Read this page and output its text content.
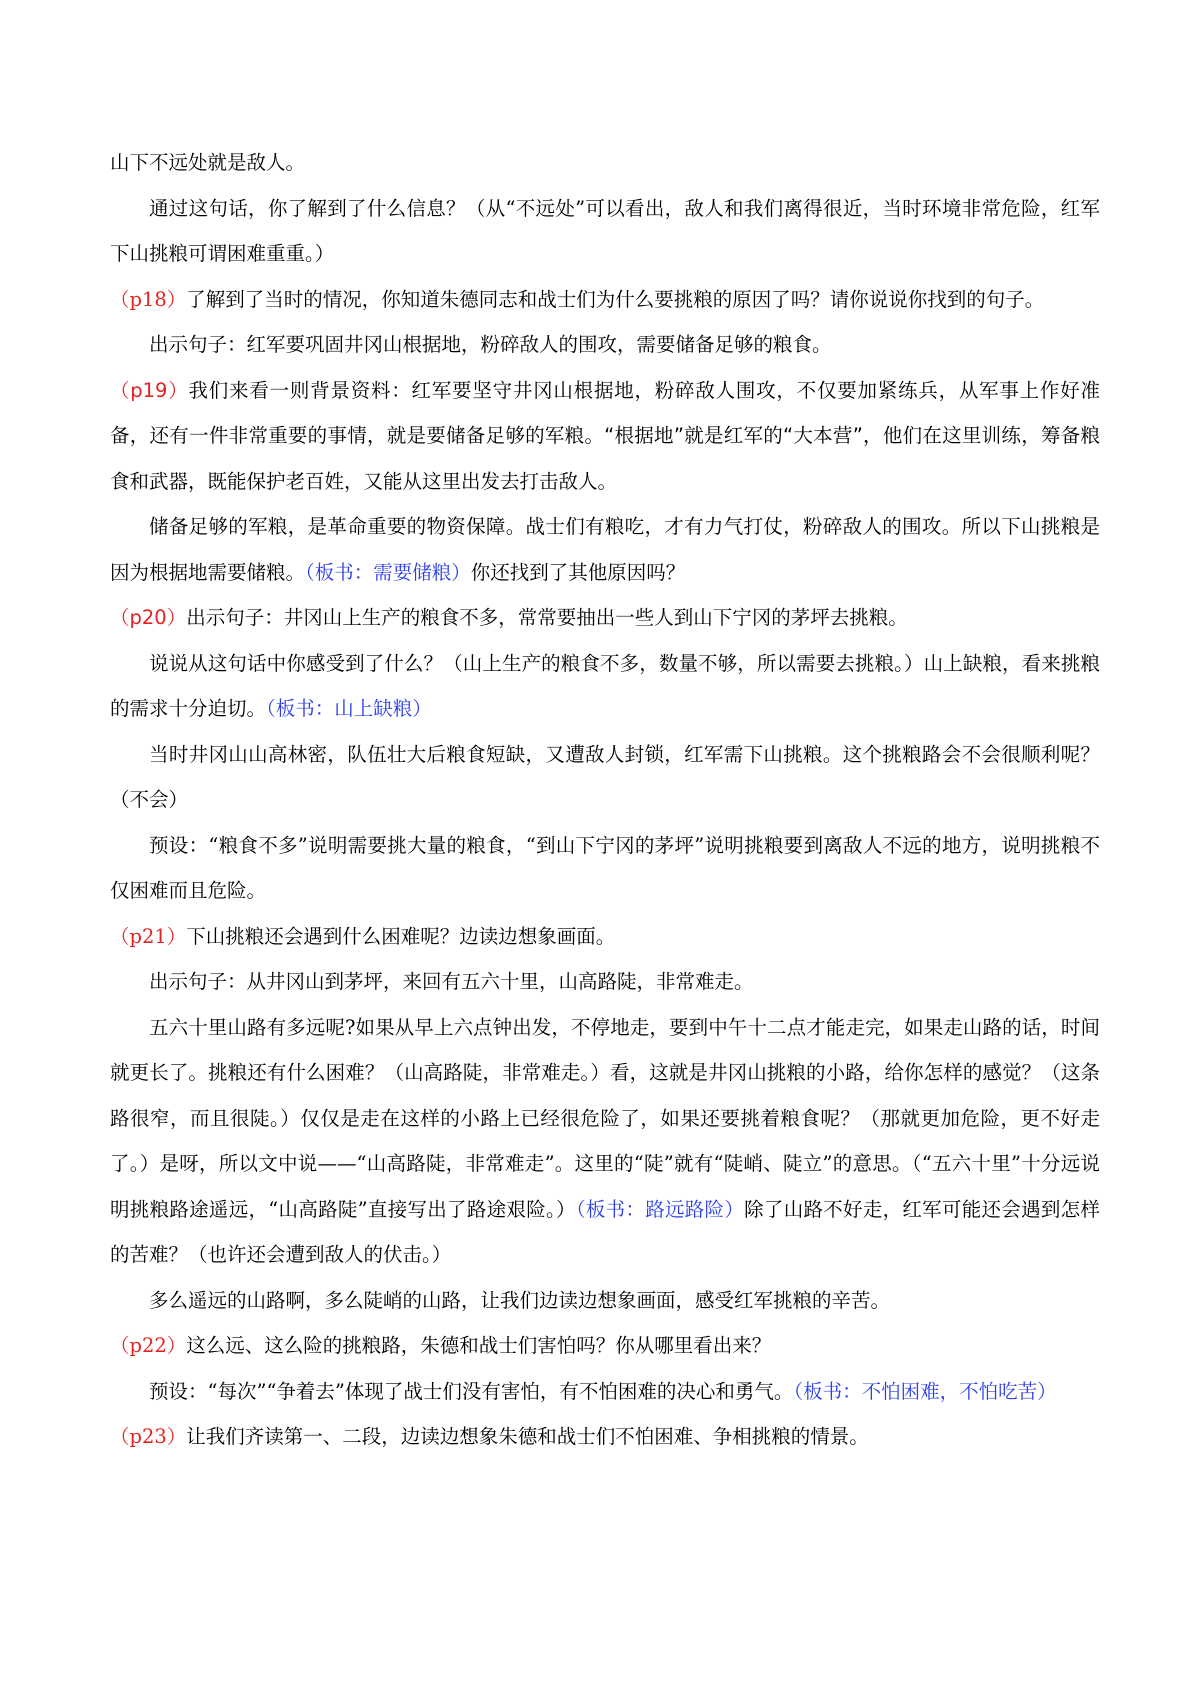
山下不远处就是敌人。

通过这句话，你了解到了什么信息？（从“不远处”可以看出，敌人和我们离得很近，当时环境非常危险，红军下山挑粮可谓困难重重。）

（p18）了解到了当时的情况，你知道朱德同志和战士们为什么要挑粮的原因了吗？请你说说你找到的句子。

出示句子：红军要巩固井冈山根据地，粉碎敌人的围攻，需要储备足够的粮食。

（p19）我们来看一则背景资料：红军要坚守井冈山根据地，粉碎敌人围攻，不仅要加紧练兵，从军事上作好准备，还有一件非常重要的事情，就是要储备足够的军粮。“根据地”就是红军的“大本营”，他们在这里训练，筹备粮食和武器，既能保护老百姓，又能从这里出发去打击敌人。

储备足够的军粮，是革命重要的物资保障。战士们有粮吃，才有力气打仗，粉碎敌人的围攻。所以下山挑粮是因为根据地需要储粮。（板书：需要储粮）你还找到了其他原因吗？

（p20）出示句子：井冈山上生产的粮食不多，常常要抽出一些人到山下宁冈的茅坪去挑粮。

说说从这句话中你感受到了什么？（山上生产的粮食不多，数量不够，所以需要去挑粮。）山上缺粮，看来挑粮的需求十分迫切。（板书：山上缺粮）

当时井冈山山高林密，队伍壮大后粮食短缺，又遭敌人封锁，红军需下山挑粮。这个挑粮路会不会很顺利呢？（不会）

预设：“粮食不多”说明需要挑大量的粮食，“到山下宁冈的茅坪”说明挑粮要到离敌人不远的地方，说明挑粮不仅困难而且危险。

（p21）下山挑粮还会遇到什么困难呢？边读边想象画面。

出示句子：从井冈山到茅坪，来回有五六十里，山高路陡，非常难走。

五六十里山路有多远呢?如果从早上六点钟出发，不停地走，要到中午十二点才能走完，如果走山路的话，时间就更长了。挑粮还有什么困难？（山高路陡，非常难走。）看，这就是井冈山挑粮的小路，给你怎样的感觉？（这条路很窄，而且很陡。）仅仅是走在这样的小路上已经很危险了，如果还要挑着粮食呢？（那就更加危险，更不好走了。）是呀，所以文中说——“山高路陡，非常难走”。这里的“陡”就有“陡峭、陡立”的意思。（“五六十里”十分远说明挑粮路途遥远，“山高路陡”直接写出了路途艰险。）（板书：路远路险）除了山路不好走，红军可能还会遇到怎样的苦难？（也许还会遭到敌人的伏击。）

多么遥远的山路啊，多么陡峭的山路，让我们边读边想象画面，感受红军挑粮的辛苦。

（p22）这么远、这么险的挑粮路，朱德和战士们害怕吗？你从哪里看出来？

预设：“每次”“争着去”体现了战士们没有害怕，有不怕困难的决心和勇气。（板书：不怕困难，不怕吃苦）

（p23）让我们齐读第一、二段，边读边想象朱德和战士们不怕困难、争相挑粮的情景。
